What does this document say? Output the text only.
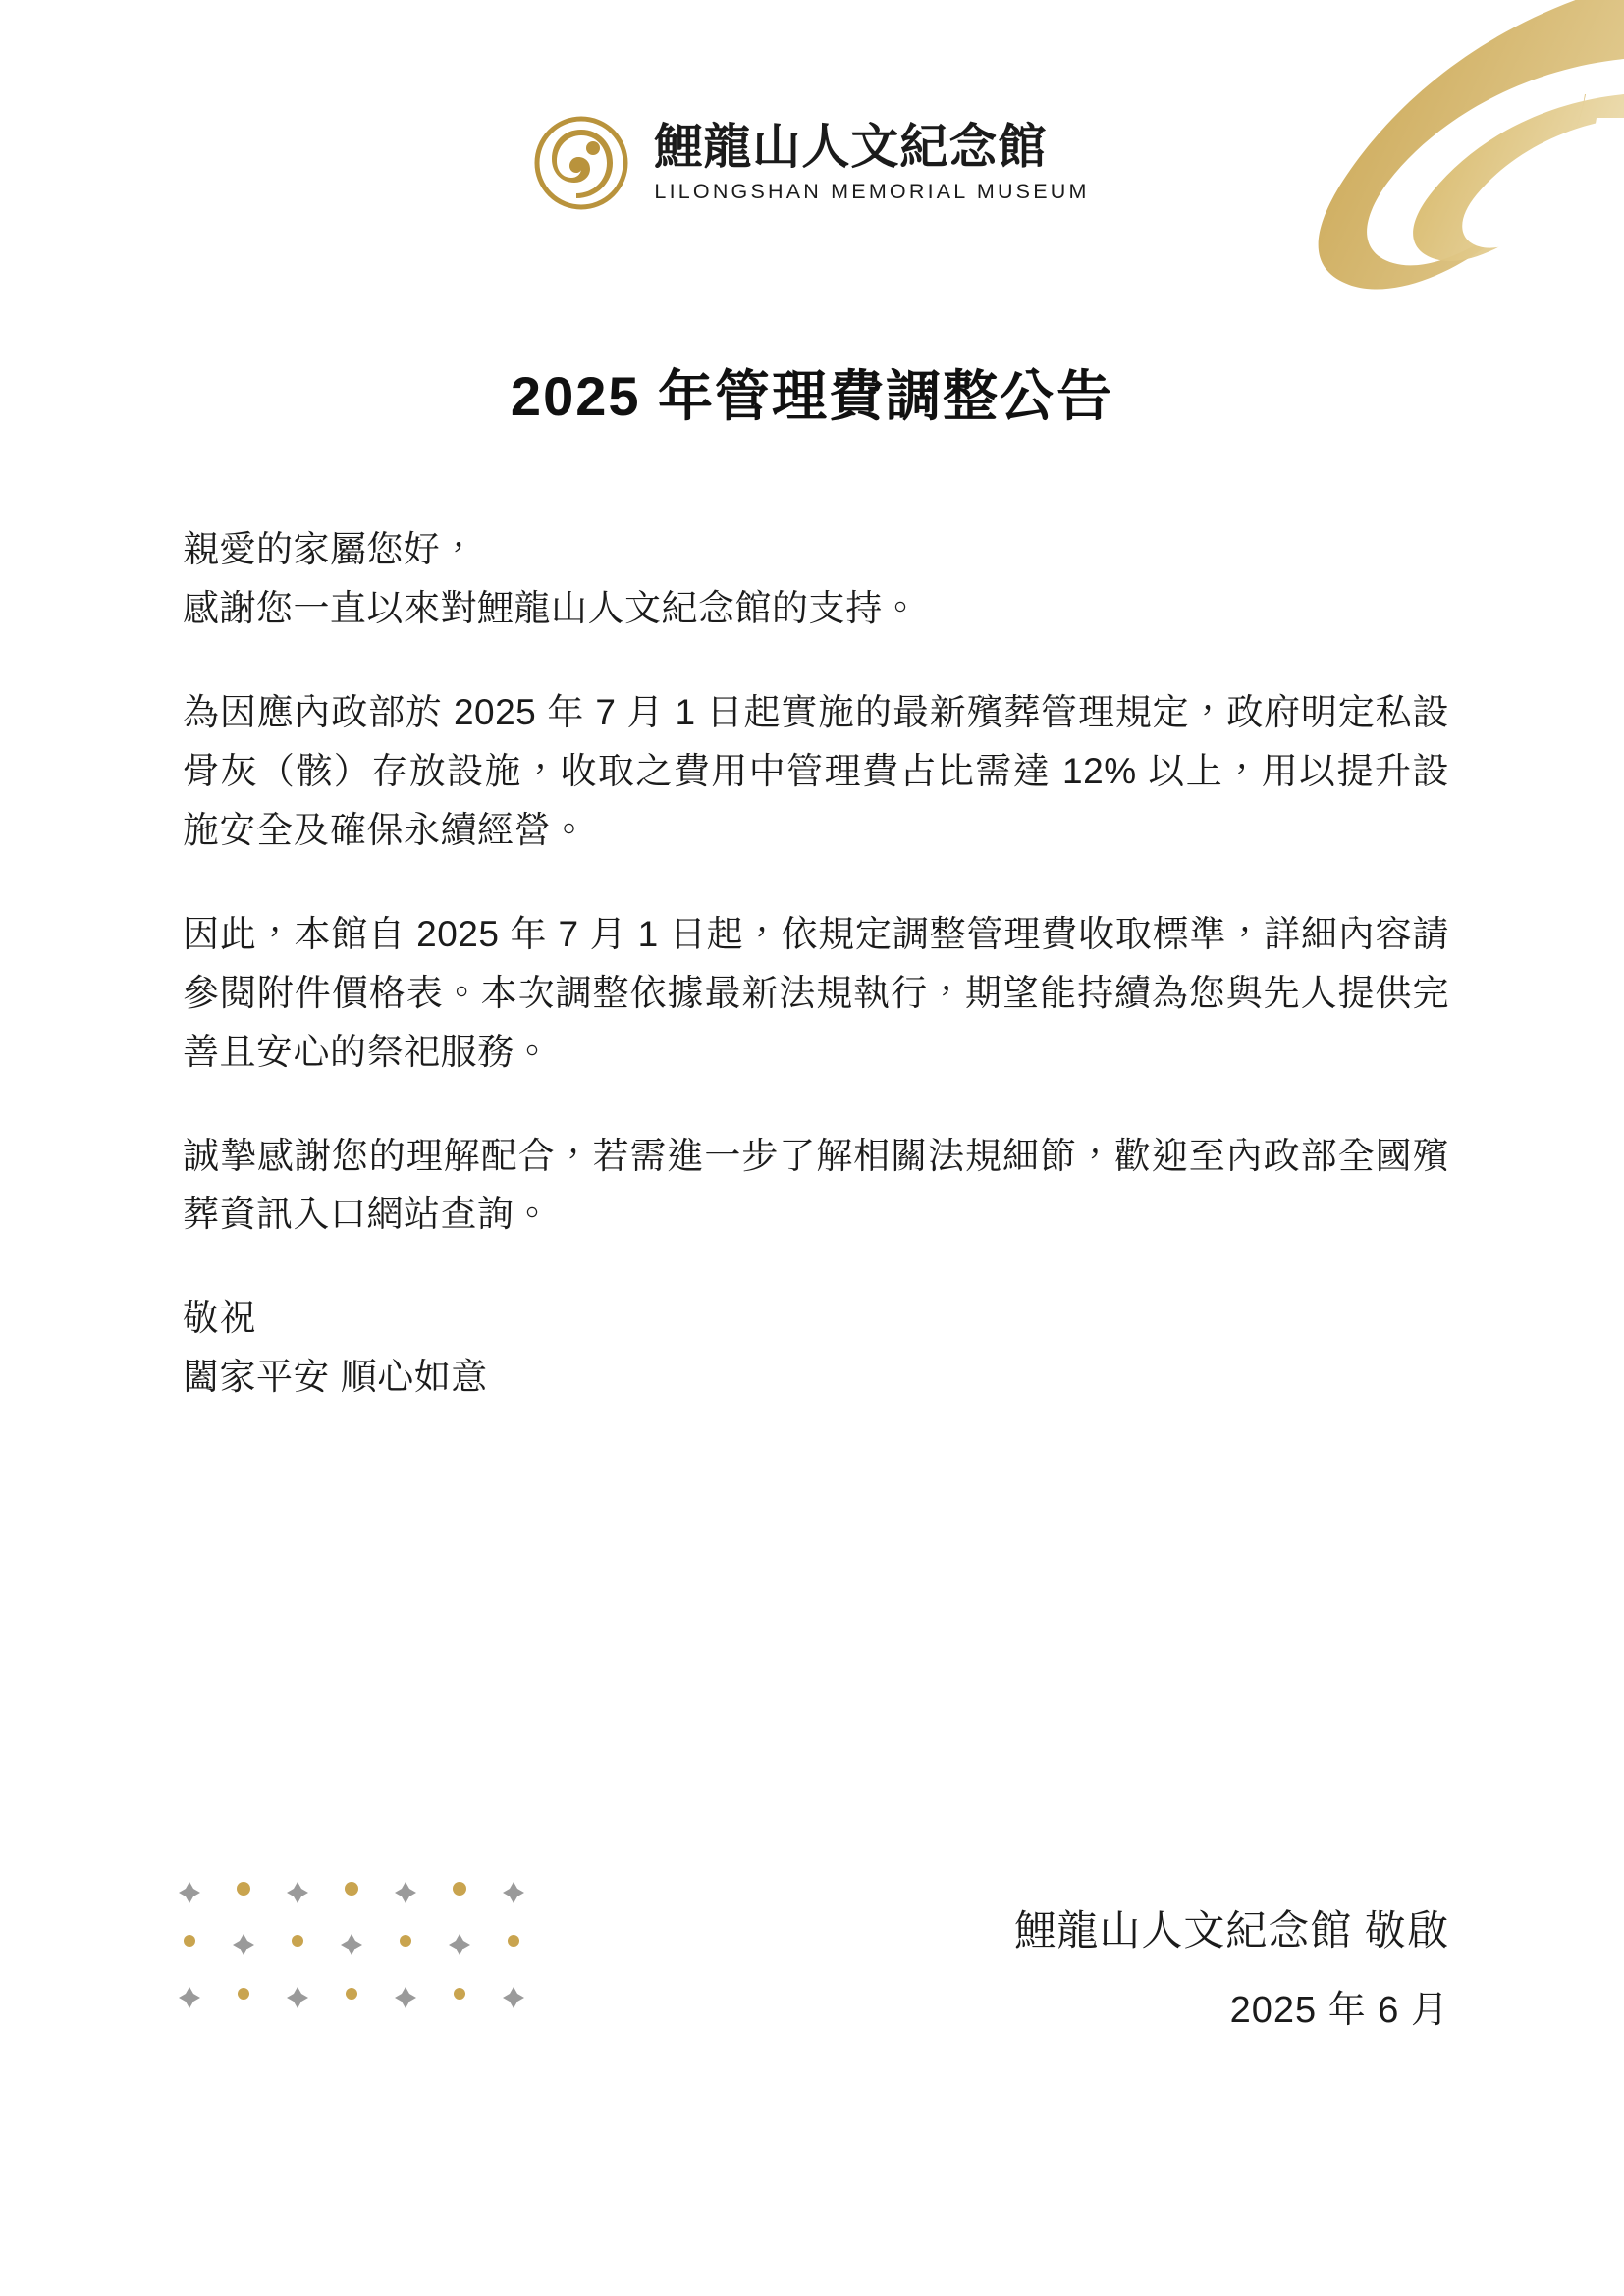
鯉龍山人文紀念館
LILONGSHAN MEMORIAL MUSEUM
2025 年管理費調整公告

親愛的家屬您好，

感謝您一直以來對鯉龍山人文紀念館的支持。

為因應內政部於 2025 年 7 月 1 日起實施的最新殯葬管理規定，政府明定私設骨灰（骸）存放設施，收取之費用中管理費占比需達 12% 以上，用以提升設施安全及確保永續經營。

因此，本館自 2025 年 7 月 1 日起，依規定調整管理費收取標準，詳細內容請參閱附件價格表。本次調整依據最新法規執行，期望能持續為您與先人提供完善且安心的祭祀服務。

誠摯感謝您的理解配合，若需進一步了解相關法規細節，歡迎至內政部全國殯葬資訊入口網站查詢。

敬祝

闔家平安 順心如意

鯉龍山人文紀念館 敬啟
2025 年 6 月
